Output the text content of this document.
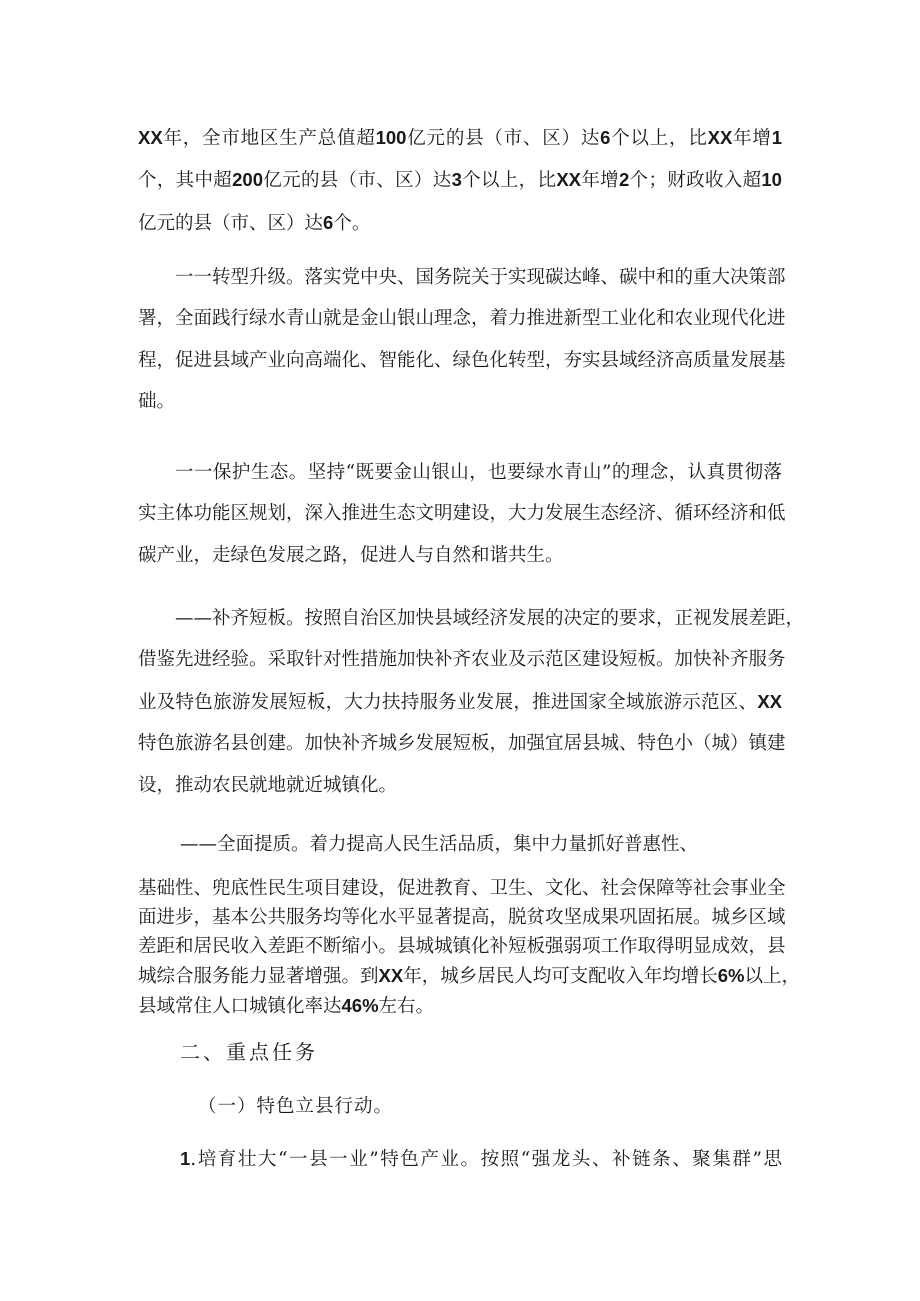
XX年，全市地区生产总值超100亿元的县（市、区）达6个以上，比XX年增1
个，其中超200亿元的县（市、区）达3个以上，比XX年增2个；财政收入超10
亿元的县（市、区）达6个。
一一转型升级。落实党中央、国务院关于实现碳达峰、碳中和的重大决策部
署，全面践行绿水青山就是金山银山理念，着力推进新型工业化和农业现代化进
程，促进县域产业向高端化、智能化、绿色化转型，夯实县域经济高质量发展基
础。
一一保护生态。坚持“既要金山银山，也要绿水青山”的理念，认真贯彻落
实主体功能区规划，深入推进生态文明建设，大力发展生态经济、循环经济和低
碳产业，走绿色发展之路，促进人与自然和谐共生。
——补齐短板。按照自治区加快县域经济发展的决定的要求，正视发展差距，
借鉴先进经验。采取针对性措施加快补齐农业及示范区建设短板。加快补齐服务
业及特色旅游发展短板，大力扶持服务业发展，推进国家全域旅游示范区、XX
特色旅游名县创建。加快补齐城乡发展短板，加强宜居县城、特色小（城）镇建
设，推动农民就地就近城镇化。
——全面提质。着力提高人民生活品质，集中力量抓好普惠性、
基础性、兜底性民生项目建设，促进教育、卫生、文化、社会保障等社会事业全
面进步，基本公共服务均等化水平显著提高，脱贫攻坚成果巩固拓展。城乡区域
差距和居民收入差距不断缩小。县城城镇化补短板强弱项工作取得明显成效，县
城综合服务能力显著增强。到XX年，城乡居民人均可支配收入年均增长6%以上，
县域常住人口城镇化率达46%左右。
二、重点任务
（一）特色立县行动。
1.培育壮大“一县一业”特色产业。按照“强龙头、补链条、聚集群”思
